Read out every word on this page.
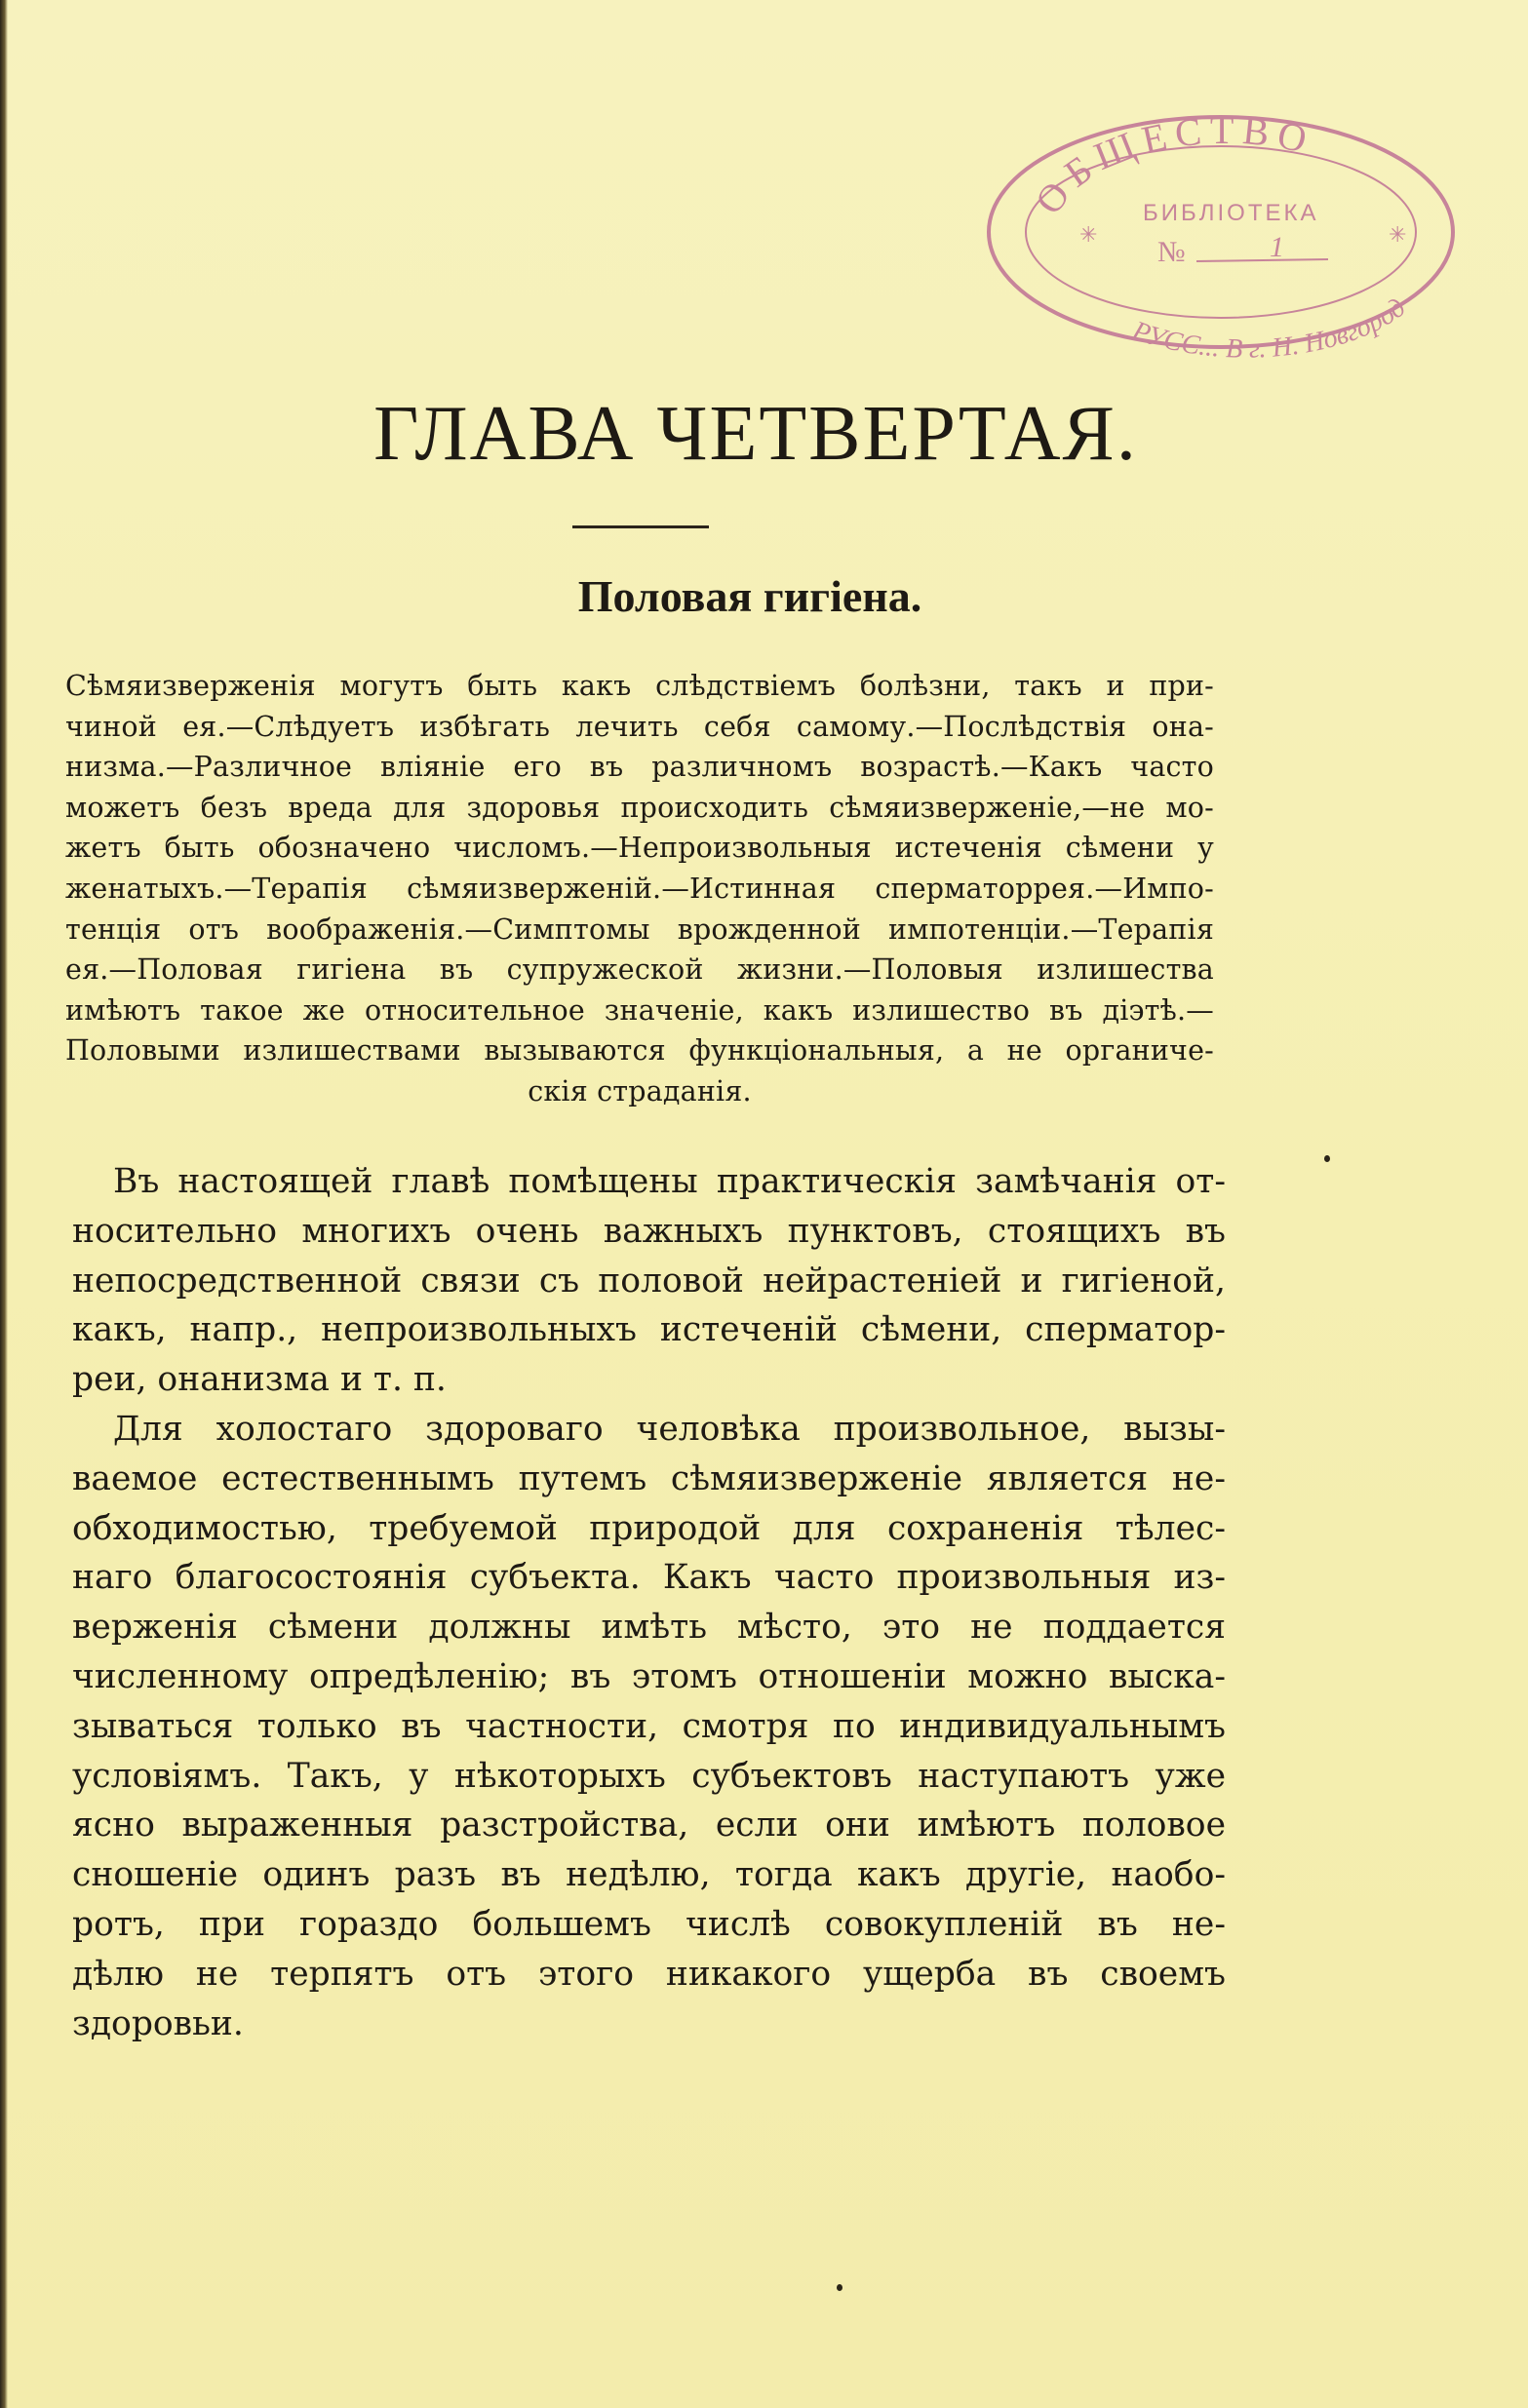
ОБЩЕСТВО
✳	✳
БИБЛІОТЕКА
№	1
РУСС... В г. Н. Новгород
ГЛАВА ЧЕТВЕРТАЯ.
Половая гигіена.
Сѣмяизверженія могутъ быть какъ слѣдствіемъ болѣзни, такъ и при-
чиной ея.—Слѣдуетъ избѣгать лечить себя самому.—Послѣдствія она-
низма.—Различное вліяніе его въ различномъ возрастѣ.—Какъ часто
можетъ безъ вреда для здоровья происходить сѣмяизверженіе,—не мо-
жетъ быть обозначено числомъ.—Непроизвольныя истеченія сѣмени у
женатыхъ.—Терапія сѣмяизверженій.—Истинная сперматоррея.—Импо-
тенція отъ воображенія.—Симптомы врожденной импотенціи.—Терапія
ея.—Половая гигіена въ супружеской жизни.—Половыя излишества
имѣютъ такое же относительное значеніе, какъ излишество въ діэтѣ.—
Половыми излишествами вызываются функціональныя, а не органиче-
скія страданія.
Въ настоящей главѣ помѣщены практическія замѣчанія от-
носительно многихъ очень важныхъ пунктовъ, стоящихъ въ
непосредственной связи съ половой нейрастеніей и гигіеной,
какъ, напр., непроизвольныхъ истеченій сѣмени, сперматор-
реи, онанизма и т. п.
Для холостаго здороваго человѣка произвольное, вызы-
ваемое естественнымъ путемъ сѣмяизверженіе является не-
обходимостью, требуемой природой для сохраненія тѣлес-
наго благосостоянія субъекта. Какъ часто произвольныя из-
верженія сѣмени должны имѣть мѣсто, это не поддается
численному опредѣленію; въ этомъ отношеніи можно выска-
зываться только въ частности, смотря по индивидуальнымъ
условіямъ. Такъ, у нѣкоторыхъ субъектовъ наступаютъ уже
ясно выраженныя разстройства, если они имѣютъ половое
сношеніе одинъ разъ въ недѣлю, тогда какъ другіе, наобо-
ротъ, при гораздо большемъ числѣ совокупленій въ не-
дѣлю не терпятъ отъ этого никакого ущерба въ своемъ
здоровьи.
